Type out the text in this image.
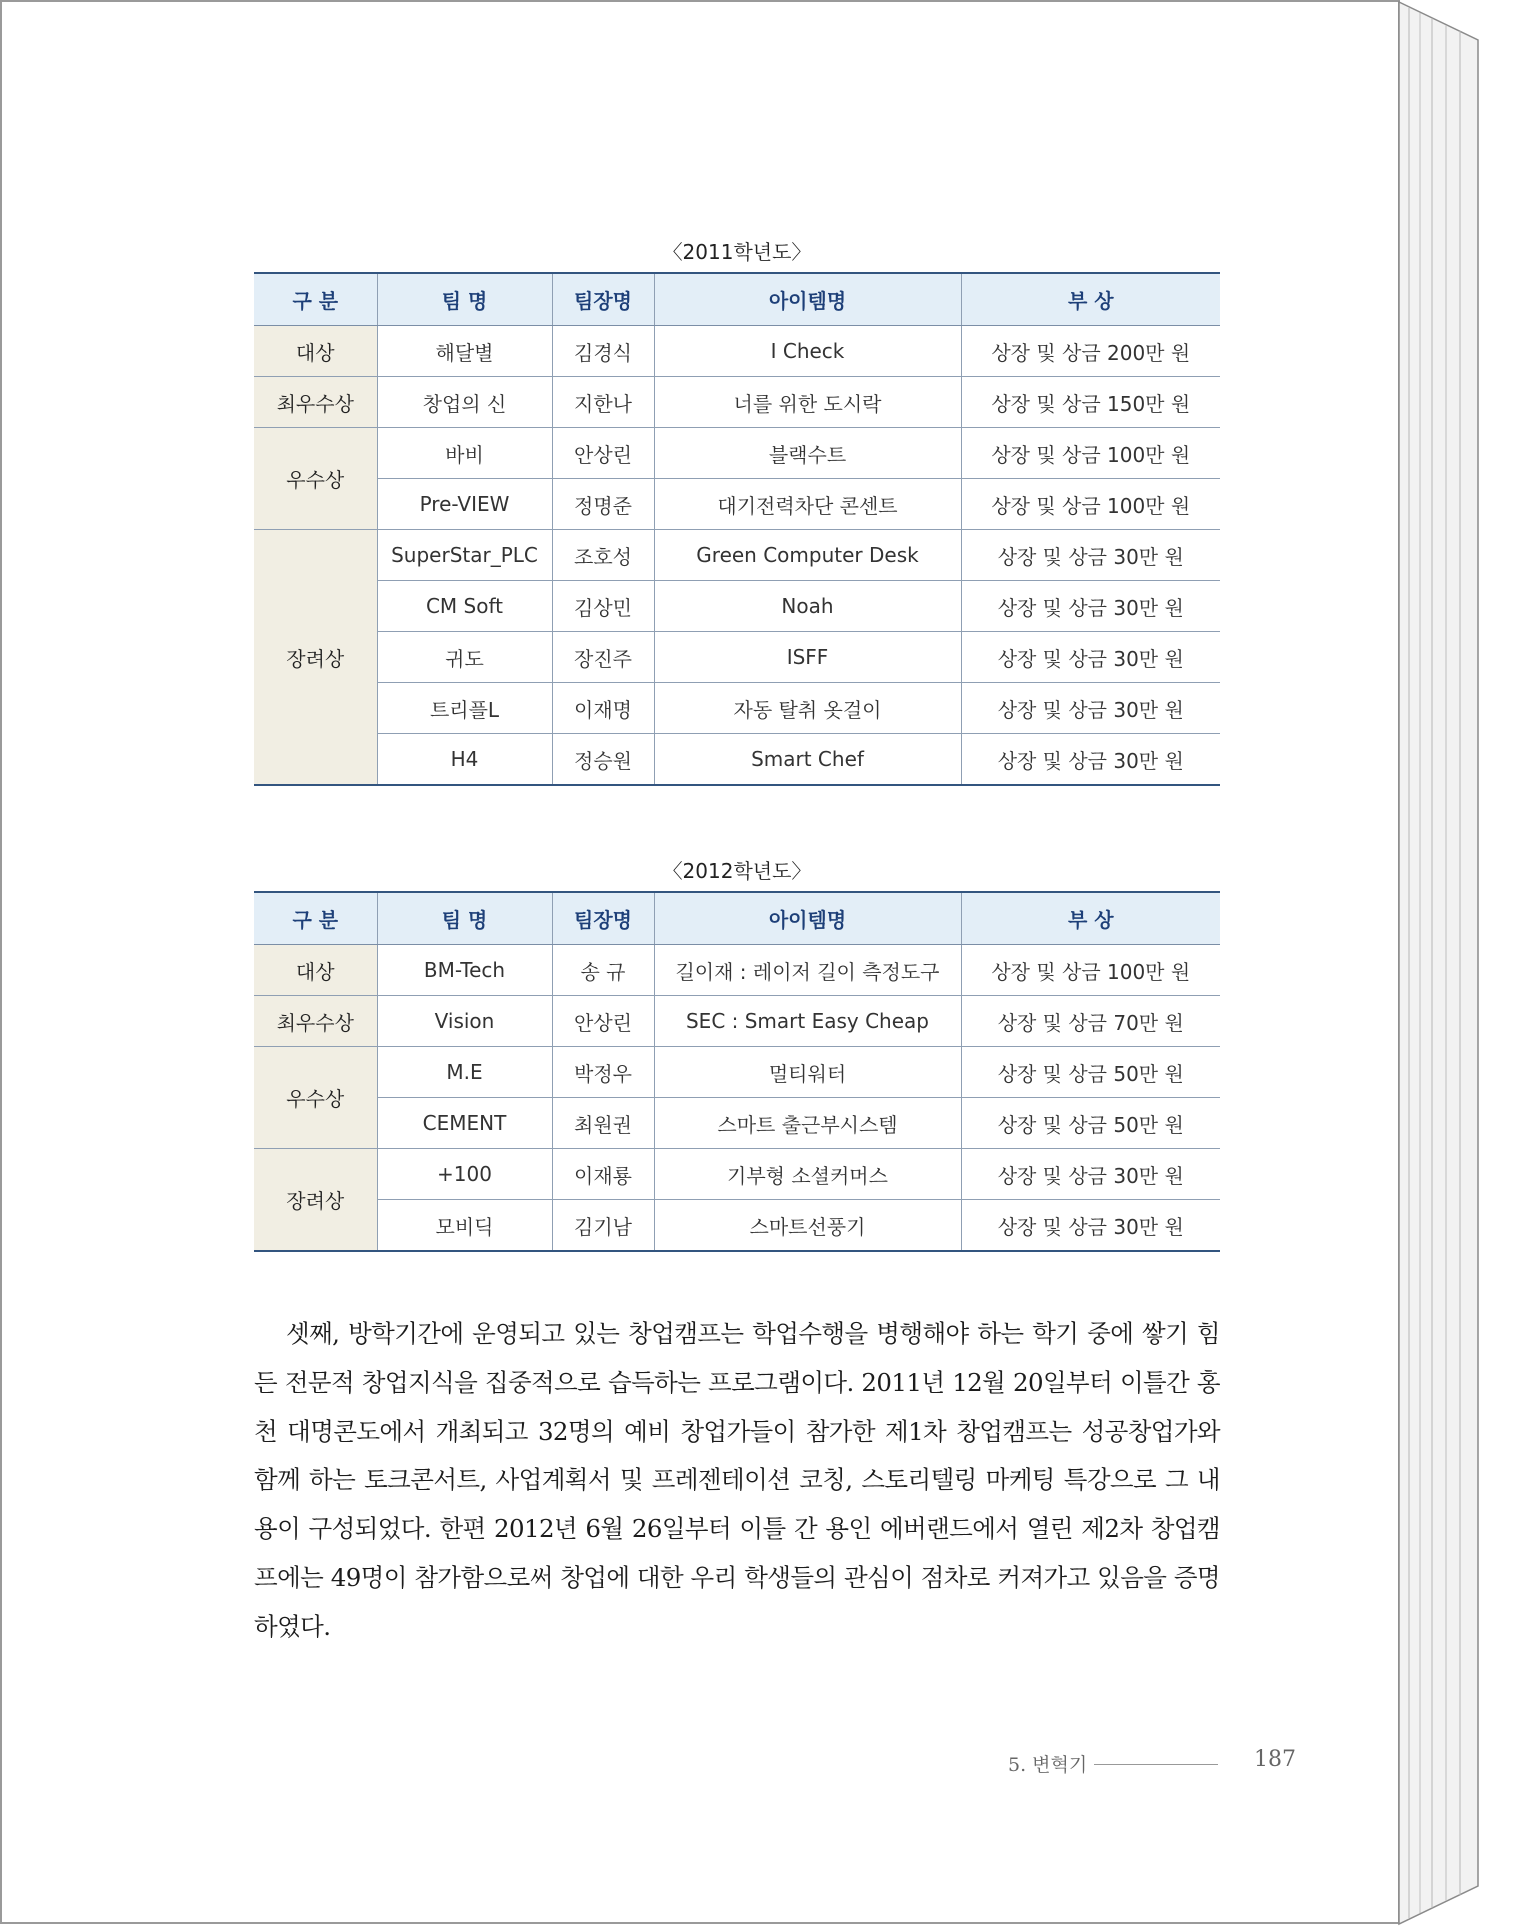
〈2011학년도〉
구 분	팀 명	팀장명	아이템명	부 상
대상	해달별	김경식	I Check	상장 및 상금 200만 원
최우수상	창업의 신	지한나	너를 위한 도시락	상장 및 상금 150만 원
우수상	바비	안상린	블랙수트	상장 및 상금 100만 원
	Pre-VIEW	정명준	대기전력차단 콘센트	상장 및 상금 100만 원
장려상	SuperStar_PLC	조호성	Green Computer Desk	상장 및 상금 30만 원
	CM Soft	김상민	Noah	상장 및 상금 30만 원
	귀도	장진주	ISFF	상장 및 상금 30만 원
	트리플L	이재명	자동 탈취 옷걸이	상장 및 상금 30만 원
	H4	정승원	Smart Chef	상장 및 상금 30만 원
〈2012학년도〉
구 분	팀 명	팀장명	아이템명	부 상
대상	BM-Tech	송 규	길이재 : 레이저 길이 측정도구	상장 및 상금 100만 원
최우수상	Vision	안상린	SEC : Smart Easy Cheap	상장 및 상금 70만 원
우수상	M.E	박정우	멀티워터	상장 및 상금 50만 원
	CEMENT	최원권	스마트 출근부시스템	상장 및 상금 50만 원
장려상	+100	이재룡	기부형 소셜커머스	상장 및 상금 30만 원
	모비딕	김기남	스마트선풍기	상장 및 상금 30만 원

셋째, 방학기간에 운영되고 있는 창업캠프는 학업수행을 병행해야 하는 학기 중에 쌓기 힘든 전문적 창업지식을 집중적으로 습득하는 프로그램이다. 2011년 12월 20일부터 이틀간 홍천 대명콘도에서 개최되고 32명의 예비 창업가들이 참가한 제1차 창업캠프는 성공창업가와 함께 하는 토크콘서트, 사업계획서 및 프레젠테이션 코칭, 스토리텔링 마케팅 특강으로 그 내용이 구성되었다. 한편 2012년 6월 26일부터 이틀 간 용인 에버랜드에서 열린 제2차 창업캠프에는 49명이 참가함으로써 창업에 대한 우리 학생들의 관심이 점차로 커져가고 있음을 증명하였다.

5. 변혁기	187
